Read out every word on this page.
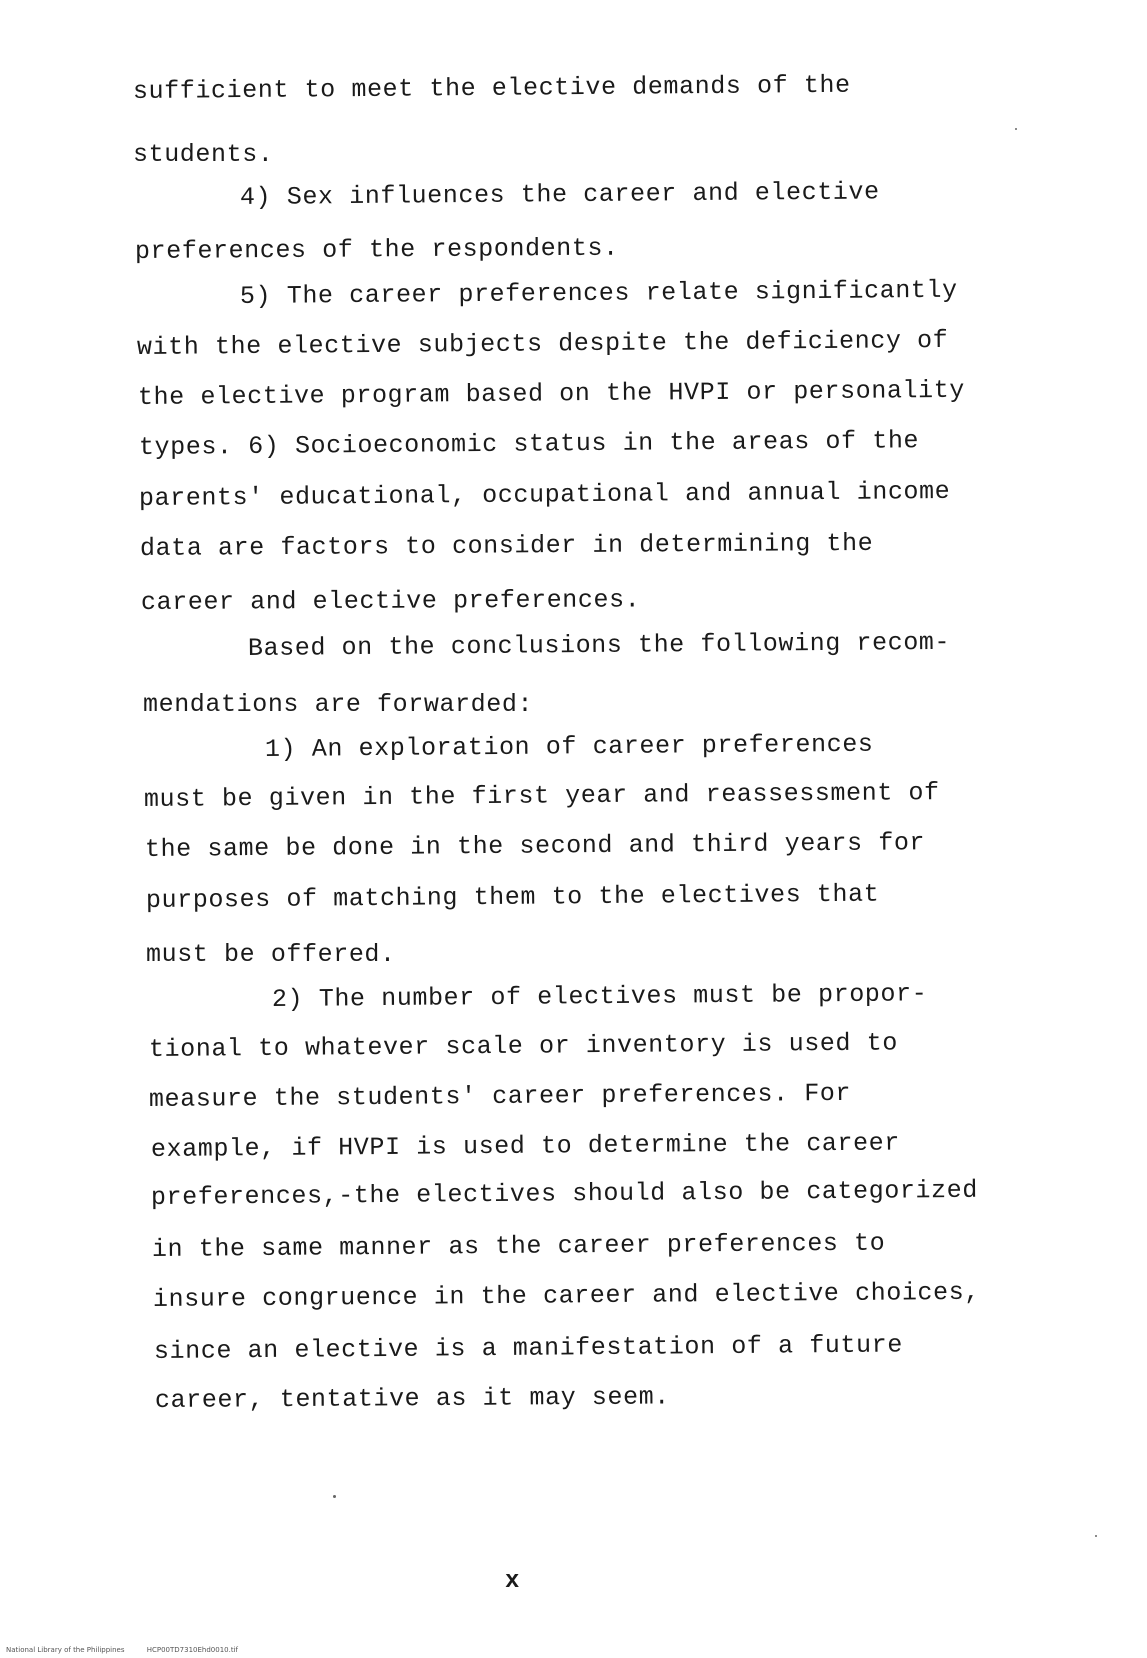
sufficient to meet the elective demands of the
students.
4) Sex influences the career and elective
preferences of the respondents.
5) The career preferences relate significantly
with the elective subjects despite the deficiency of
the elective program based on the HVPI or personality
types. 6) Socioeconomic status in the areas of the
parents' educational, occupational and annual income
data are factors to consider in determining the
career and elective preferences.
Based on the conclusions the following recom-
mendations are forwarded:
1) An exploration of career preferences
must be given in the first year and reassessment of
the same be done in the second and third years for
purposes of matching them to the electives that
must be offered.
2) The number of electives must be propor-
tional to whatever scale or inventory is used to
measure the students' career preferences. For
example, if HVPI is used to determine the career
preferences,-the electives should also be categorized
in the same manner as the career preferences to
insure congruence in the career and elective choices,
since an elective is a manifestation of a future
career, tentative as it may seem.
x
National Library of the Philippines	HCP00TD7310Ehd0010.tif
